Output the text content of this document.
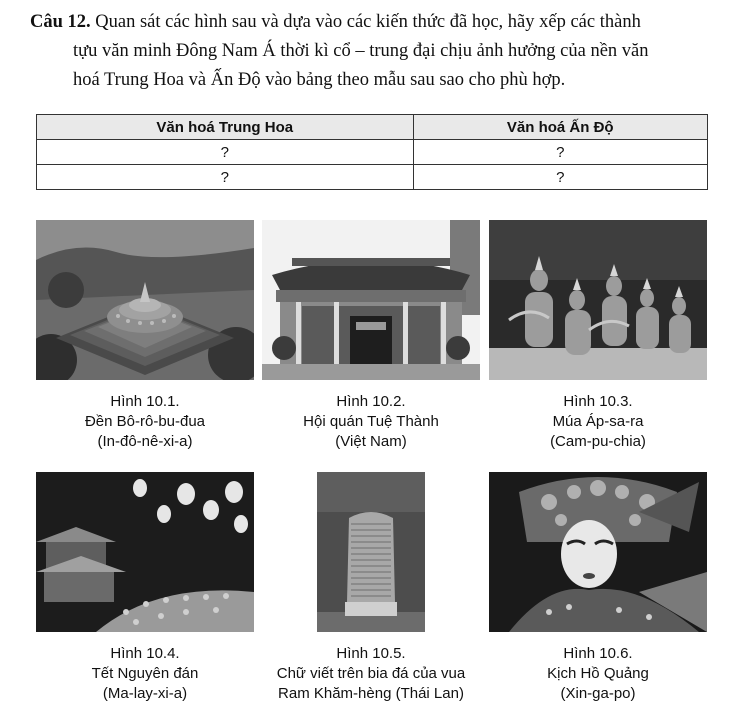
Câu 12. Quan sát các hình sau và dựa vào các kiến thức đã học, hãy xếp các thành
tựu văn minh Đông Nam Á thời kì cổ – trung đại chịu ảnh hưởng của nền văn
hoá Trung Hoa và Ấn Độ vào bảng theo mẫu sau sao cho phù hợp.

Văn hoá Trung Hoa	Văn hoá Ấn Độ
?	?
?	?
Hình 10.1.
Đền Bô-rô-bu-đua
(In-đô-nê-xi-a)
Hình 10.2.
Hội quán Tuệ Thành
(Việt Nam)
Hình 10.3.
Múa Áp-sa-ra
(Cam-pu-chia)
Hình 10.4.
Tết Nguyên đán
(Ma-lay-xi-a)
Hình 10.5.
Chữ viết trên bia đá của vua
Ram Khăm-hèng (Thái Lan)
Hình 10.6.
Kịch Hồ Quảng
(Xin-ga-po)
